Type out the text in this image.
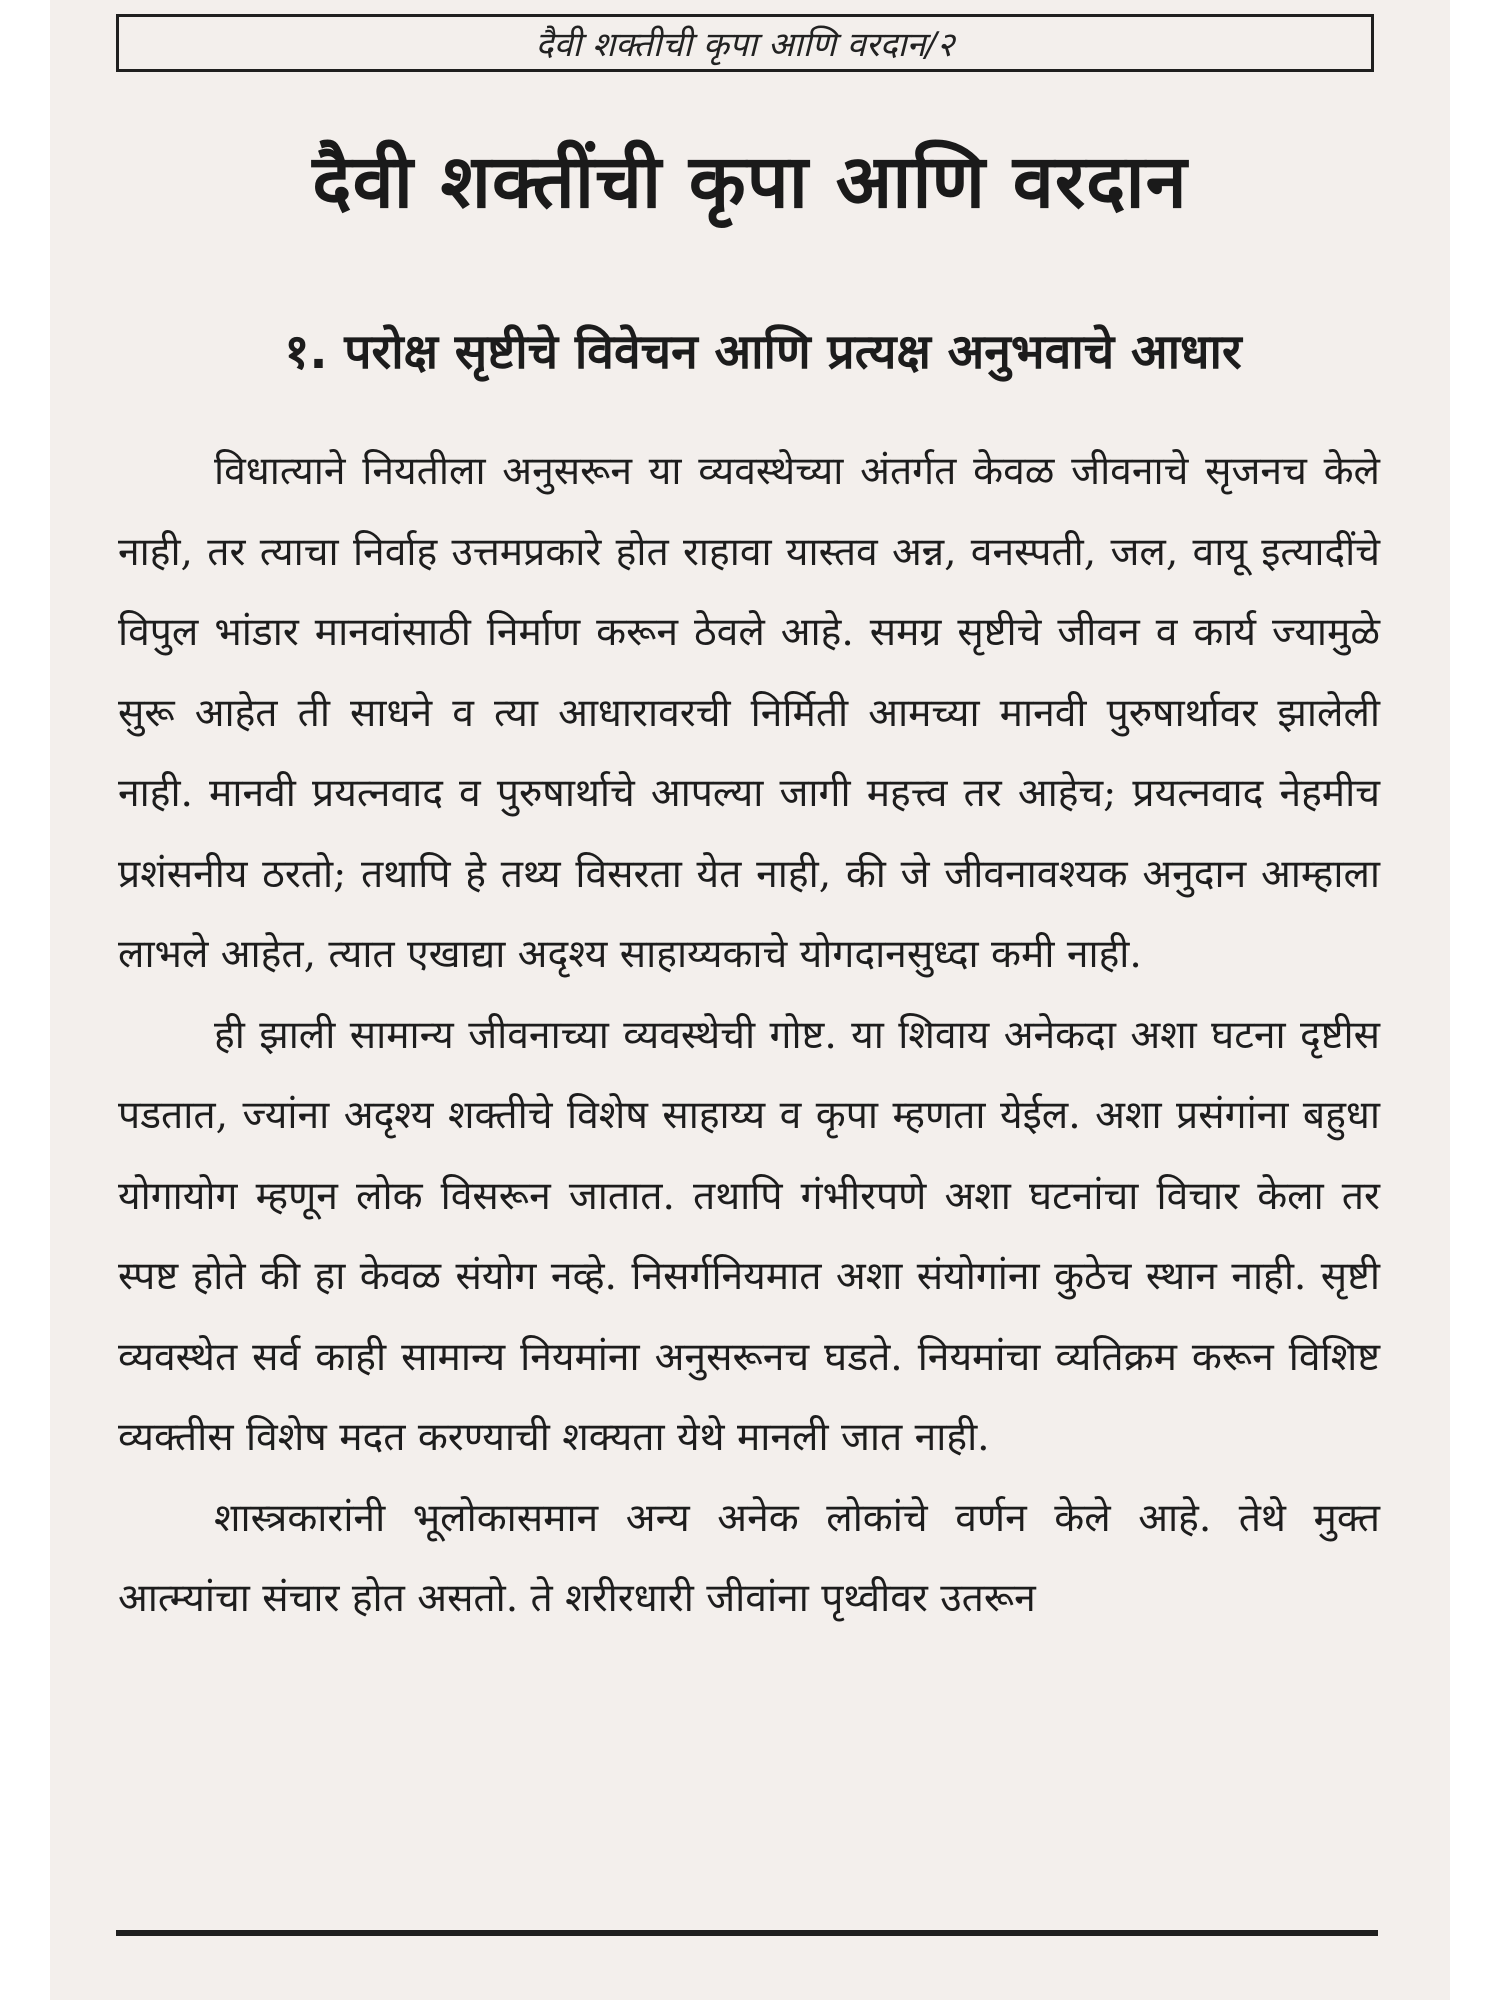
दैवी शक्तीची कृपा आणि वरदान/२
दैवी शक्तींची कृपा आणि वरदान
१. परोक्ष सृष्टीचे विवेचन आणि प्रत्यक्ष अनुभवाचे आधार

विधात्याने नियतीला अनुसरून या व्यवस्थेच्या अंतर्गत केवळ जीवनाचे सृजनच केले नाही, तर त्याचा निर्वाह उत्तमप्रकारे होत राहावा यास्तव अन्न, वनस्पती, जल, वायू इत्यादींचे विपुल भांडार मानवांसाठी निर्माण करून ठेवले आहे. समग्र सृष्टीचे जीवन व कार्य ज्यामुळे सुरू आहेत ती साधने व त्या आधारावरची निर्मिती आमच्या मानवी पुरुषार्थावर झालेली नाही. मानवी प्रयत्नवाद व पुरुषार्थाचे आपल्या जागी महत्त्व तर आहेच; प्रयत्नवाद नेहमीच प्रशंसनीय ठरतो; तथापि हे तथ्य विसरता येत नाही, की जे जीवनावश्यक अनुदान आम्हाला लाभले आहेत, त्यात एखाद्या अदृश्य साहाय्यकाचे योगदानसुध्दा कमी नाही.

ही झाली सामान्य जीवनाच्या व्यवस्थेची गोष्ट. या शिवाय अनेकदा अशा घटना दृष्टीस पडतात, ज्यांना अदृश्य शक्तीचे विशेष साहाय्य व कृपा म्हणता येईल. अशा प्रसंगांना बहुधा योगायोग म्हणून लोक विसरून जातात. तथापि गंभीरपणे अशा घटनांचा विचार केला तर स्पष्ट होते की हा केवळ संयोग नव्हे. निसर्गनियमात अशा संयोगांना कुठेच स्थान नाही. सृष्टी व्यवस्थेत सर्व काही सामान्य नियमांना अनुसरूनच घडते. नियमांचा व्यतिक्रम करून विशिष्ट व्यक्तीस विशेष मदत करण्याची शक्यता येथे मानली जात नाही.

शास्त्रकारांनी भूलोकासमान अन्य अनेक लोकांचे वर्णन केले आहे. तेथे मुक्त आत्म्यांचा संचार होत असतो. ते शरीरधारी जीवांना पृथ्वीवर उतरून
